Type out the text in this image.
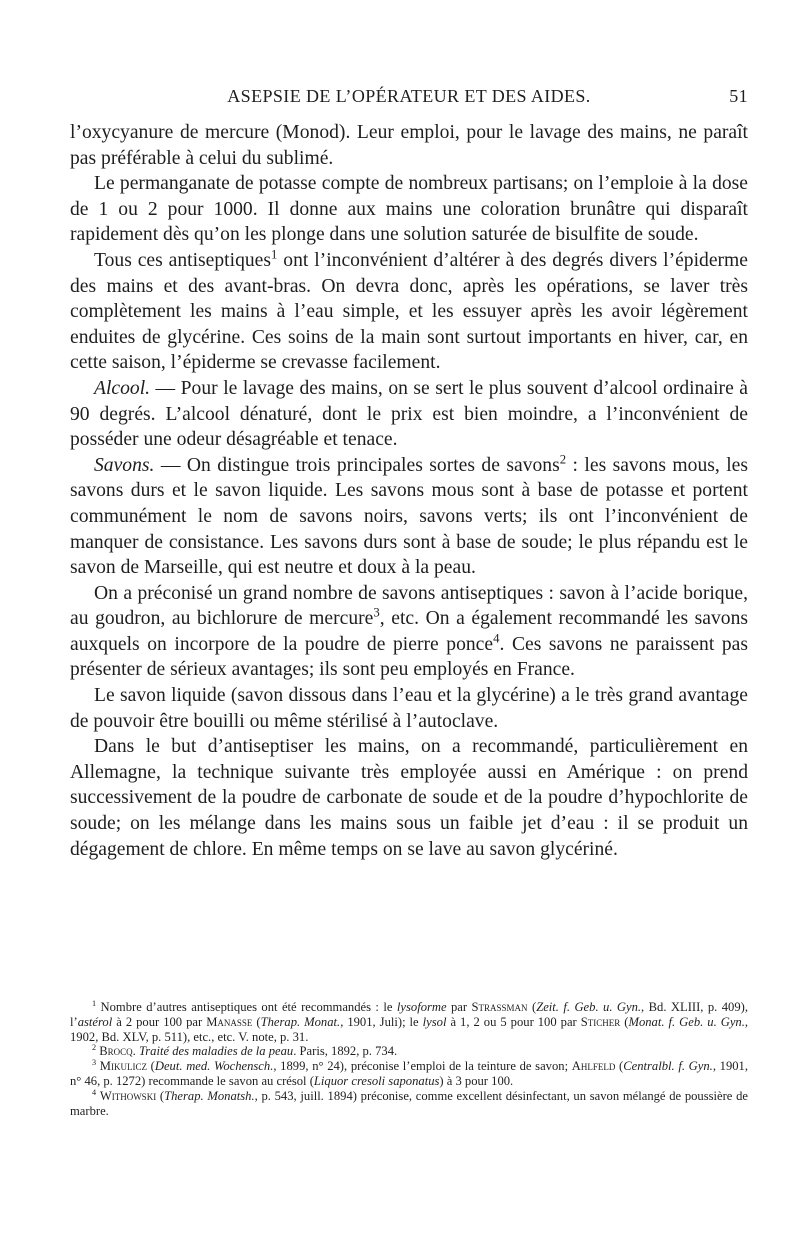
ASEPSIE DE L’OPÉRATEUR ET DES AIDES.	51

l’oxycyanure de mercure (Monod). Leur emploi, pour le lavage des mains, ne paraît pas préférable à celui du sublimé.

Le permanganate de potasse compte de nombreux partisans; on l’emploie à la dose de 1 ou 2 pour 1000. Il donne aux mains une coloration brunâtre qui disparaît rapidement dès qu’on les plonge dans une solution saturée de bisulfite de soude.

Tous ces antiseptiques$^1$ ont l’inconvénient d’altérer à des degrés divers l’épiderme des mains et des avant-bras. On devra donc, après les opérations, se laver très complètement les mains à l’eau simple, et les essuyer après les avoir légèrement enduites de glycérine. Ces soins de la main sont surtout importants en hiver, car, en cette saison, l’épiderme se crevasse facilement.

Alcool. — Pour le lavage des mains, on se sert le plus souvent d’alcool ordinaire à 90 degrés. L’alcool dénaturé, dont le prix est bien moindre, a l’inconvénient de posséder une odeur désagréable et tenace.

Savons. — On distingue trois principales sortes de savons$^2$ : les savons mous, les savons durs et le savon liquide. Les savons mous sont à base de potasse et portent communément le nom de savons noirs, savons verts; ils ont l’inconvénient de manquer de consistance. Les savons durs sont à base de soude; le plus répandu est le savon de Marseille, qui est neutre et doux à la peau.

On a préconisé un grand nombre de savons antiseptiques : savon à l’acide borique, au goudron, au bichlorure de mercure$^3$, etc. On a également recommandé les savons auxquels on incorpore de la poudre de pierre ponce$^4$. Ces savons ne paraissent pas présenter de sérieux avantages; ils sont peu employés en France.

Le savon liquide (savon dissous dans l’eau et la glycérine) a le très grand avantage de pouvoir être bouilli ou même stérilisé à l’autoclave.

Dans le but d’antiseptiser les mains, on a recommandé, particulièrement en Allemagne, la technique suivante très employée aussi en Amérique : on prend successivement de la poudre de carbonate de soude et de la poudre d’hypochlorite de soude; on les mélange dans les mains sous un faible jet d’eau : il se produit un dégagement de chlore. En même temps on se lave au savon glycériné.

$^1$ Nombre d’autres antiseptiques ont été recommandés : le lysoforme par Strassman (Zeit. f. Geb. u. Gyn., Bd. XLIII, p. 409), l’astérol à 2 pour 100 par Manasse (Therap. Monat., 1901, Juli); le lysol à 1, 2 ou 5 pour 100 par Sticher (Monat. f. Geb. u. Gyn., 1902, Bd. XLV, p. 511), etc., etc. V. note, p. 31.

$^2$ Brocq. Traité des maladies de la peau. Paris, 1892, p. 734.

$^3$ Mikulicz (Deut. med. Wochensch., 1899, n° 24), préconise l’emploi de la teinture de savon; Ahlfeld (Centralbl. f. Gyn., 1901, n° 46, p. 1272) recommande le savon au crésol (Liquor cresoli saponatus) à 3 pour 100.

$^4$ Withowski (Therap. Monatsh., p. 543, juill. 1894) préconise, comme excellent désinfectant, un savon mélangé de poussière de marbre.
